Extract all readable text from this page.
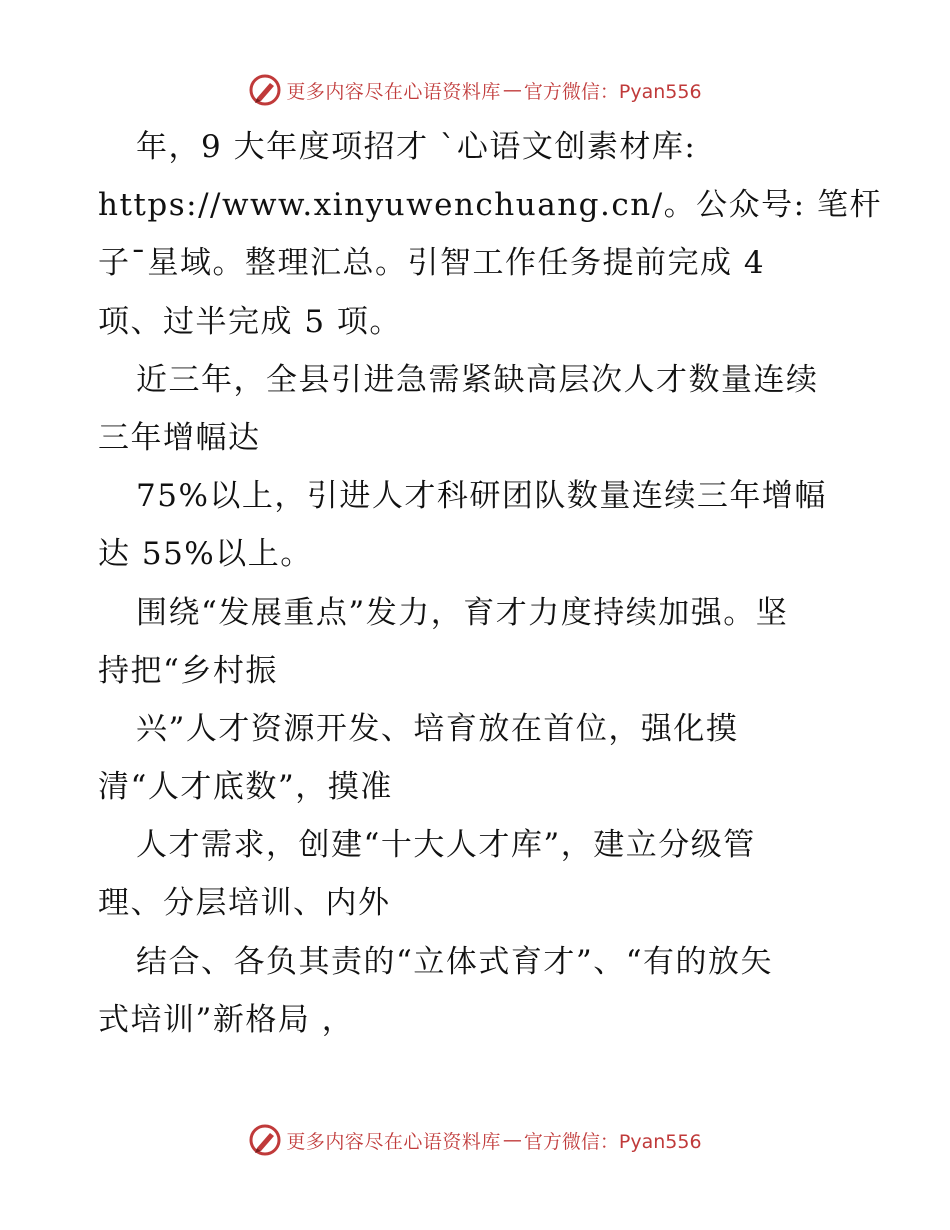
更多内容尽在心语资料库 — 官方微信：Pyan556
年，9 大年度项招才 `心语文创素材库:
https://www.xinyuwenchuang.cn/。公众号: 笔杆
子¯星域。整理汇总。引智工作任务提前完成 4
项、过半完成 5 项。
近三年，全县引进急需紧缺高层次人才数量连续
三年增幅达
75%以上，引进人才科研团队数量连续三年增幅
达 55%以上。
围绕“发展重点”发力，育才力度持续加强。坚
持把“乡村振
兴”人才资源开发、培育放在首位，强化摸
清“人才底数”，摸准
人才需求，创建“十大人才库”，建立分级管
理、分层培训、内外
结合、各负其责的“立体式育才”、“有的放矢
式培训”新格局 ，
更多内容尽在心语资料库 — 官方微信：Pyan556
